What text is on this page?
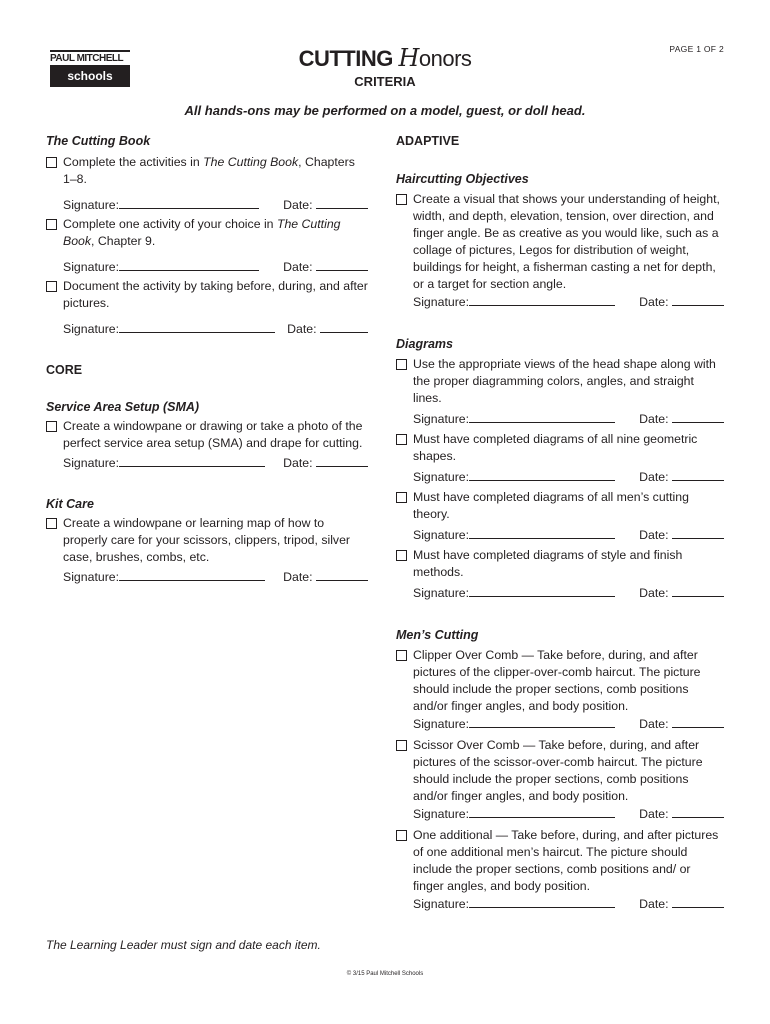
PAUL MITCHELL
schools
PAGE 1 OF 2
CUTTING Honors
CRITERIA
All hands-ons may be performed on a model, guest, or doll head.
The Cutting Book
Complete the activities in The Cutting Book, Chapters 1–8.
Signature:	Date:
Complete one activity of your choice in The Cutting Book, Chapter 9.
Signature:	Date:
Document the activity by taking before, during, and after pictures.
Signature:	Date:
CORE
Service Area Setup (SMA)
Create a windowpane or drawing or take a photo of the perfect service area setup (SMA) and drape for cutting.
Signature:	Date:
Kit Care
Create a windowpane or learning map of how to properly care for your scissors, clippers, tripod, silver case, brushes, combs, etc.
Signature:	Date:
ADAPTIVE
Haircutting Objectives
Create a visual that shows your understanding of height, width, and depth, elevation, tension, over direction, and finger angle. Be as creative as you would like, such as a collage of pictures, Legos for distribution of weight, buildings for height, a fisherman casting a net for depth, or a target for section angle.
Signature:	Date:
Diagrams
Use the appropriate views of the head shape along with the proper diagramming colors, angles, and straight lines.
Signature:	Date:
Must have completed diagrams of all nine geometric shapes.
Signature:	Date:
Must have completed diagrams of all men’s cutting theory.
Signature:	Date:
Must have completed diagrams of style and finish methods.
Signature:	Date:
Men’s Cutting
Clipper Over Comb — Take before, during, and after pictures of the clipper-over-comb haircut. The picture should include the proper sections, comb positions and/or finger angles, and body position.
Signature:	Date:
Scissor Over Comb — Take before, during, and after pictures of the scissor-over-comb haircut. The picture should include the proper sections, comb positions and/or finger angles, and body position.
Signature:	Date:
One additional — Take before, during, and after pictures of one additional men’s haircut. The picture should include the proper sections, comb positions and/ or finger angles, and body position.
Signature:	Date:
The Learning Leader must sign and date each item.
© 3/15 Paul Mitchell Schools
